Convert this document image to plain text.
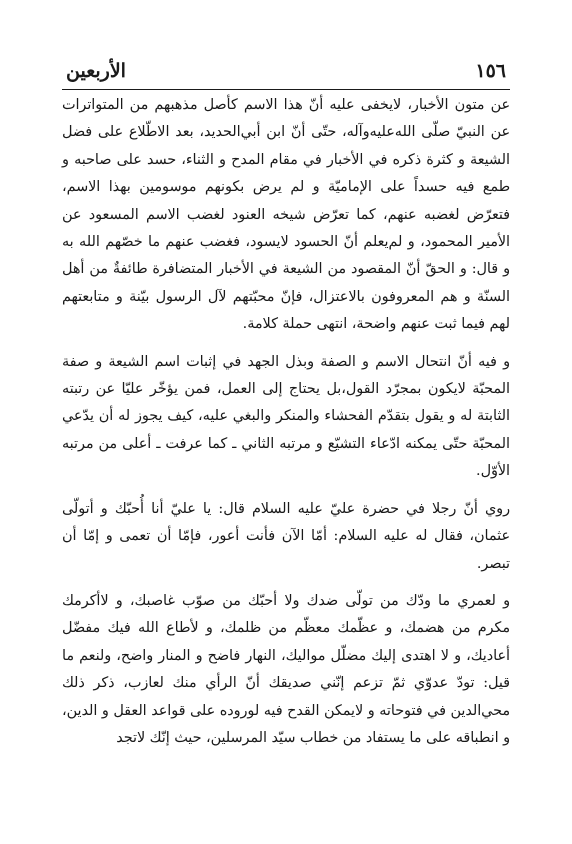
١٥٦
الأربعين

عن متون الأخبار، لايخفى عليه أنّ هذا الاسم كأصل مذهبهم من المتواترات عن النبيّ صلّى الله‌عليه‌وآله، حتّى أنّ ابن أبي‌الحديد، بعد الاطّلاع على فضل الشيعة و كثرة ذكره في الأخبار في مقام المدح و الثناء، حسد على صاحبه و طمع فيه حسداً على الإماميّة و لم يرض بكونهم موسومين بهذا الاسم، فتعرّض لغضبه عنهم، كما تعرّض شيخه العنود لغضب الاسم المسعود عن الأمير المحمود، و لم‌يعلم أنّ الحسود لايسود، فغضب عنهم ما خصّهم الله به و قال: و الحقّ أنّ المقصود من الشيعة في الأخبار المتضافرة طائفةٌ من أهل السنّة و هم المعروفون بالاعتزال، فإنّ محبّتهم لآل الرسول بيّنة و متابعتهم لهم فيما ثبت عنهم واضحة، انتهى حملة كلامة.

و فيه أنّ انتحال الاسم و الصفة وبذل الجهد في إثبات اسم الشيعة و صفة المحبّة لايكون بمجرّد القول،بل يحتاج إلى العمل، فمن يؤخّر عليّا عن رتبته الثابتة له و يقول بتقدّم الفحشاء والمنكر والبغي عليه، كيف يجوز له أن يدّعي المحبّة حتّى يمكنه ادّعاء التشيّع و مرتبه الثاني ـ كما عرفت ـ أعلى من مرتبه الأوّل.

روي أنّ رجلا في حضرة عليّ عليه السلام قال: يا عليّ أنا أُحبّك و أتولّى عثمان، فقال له عليه السلام: أمّا الآن فأنت أعور، فإمّا أن تعمى و إمّا أن تبصر.

و لعمري ما ودّك من تولّى ضدك ولا أحبّك من صوّب غاصبك، و لاأكرمك مكرم من هضمك، و عظّمك معظّم من ظلمك، و لأطاع الله فيك مفضّل أعاديك، و لا اهتدى إليك مضلّل مواليك، النهار فاضح و المنار واضح، ولنعم ما قيل: تودّ عدوّي ثمّ تزعم إنّني صديقك أنّ الرأي منك لعازب، ذكر ذلك محي‌الدين في فتوحاته و لايمكن القدح فيه لوروده على قواعد العقل و الدين، و انطباقه على ما يستفاد من خطاب سيّد المرسلين، حيث إنّك لاتجد
